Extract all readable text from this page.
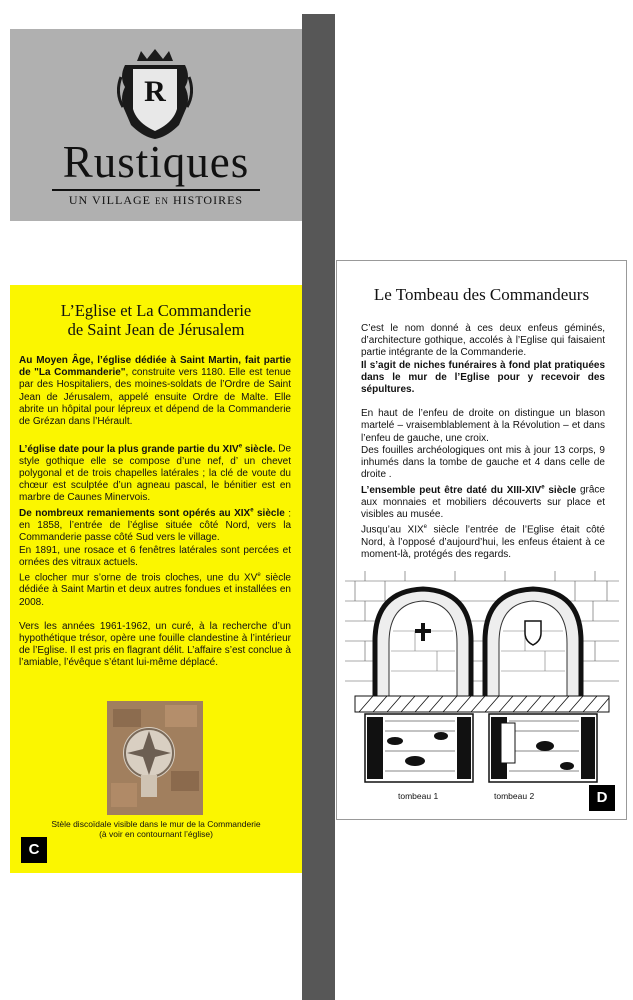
R
Rustiques
UN VILLAGE EN HISTOIRES
L’Eglise et La Commanderie
de Saint Jean de Jérusalem

Au Moyen Âge, l’église dédiée à Saint Martin, fait partie de "La Commanderie", construite vers 1180. Elle est tenue par des Hospitaliers, des moines-soldats de l’Ordre de Saint Jean de Jérusalem, appelé ensuite Ordre de Malte. Elle abrite un hôpital pour lépreux et dépend de la Commanderie de Grézan dans l’Hérault.

L’église date pour la plus grande partie du XIVe siècle. De style gothique elle se compose d’une nef, d’ un chevet polygonal et de trois chapelles latérales ; la clé de voute du chœur est sculptée d’un agneau pascal, le bénitier est en marbre de Caunes Minervois.

De nombreux remaniements sont opérés au XIXe siècle : en 1858, l’entrée de l’église située côté Nord, vers la Commanderie passe côté Sud vers le village.

En 1891, une rosace et 6 fenêtres latérales sont percées et ornées des vitraux actuels.

Le clocher mur s’orne de trois cloches, une du XVe siècle dédiée à Saint Martin et deux autres fondues et installées en 2008.

Vers les années 1961-1962, un curé, à la recherche d’un hypothétique trésor, opère une fouille clandestine à l’intérieur de l’Eglise. Il est pris en flagrant délit. L’affaire s’est conclue à l’amiable, l’évêque s’étant lui-même déplacé.

Stèle discoïdale visible dans le mur de la Commanderie
(à voir en contournant l’église)
C
Le Tombeau des Commandeurs

C’est le nom donné à ces deux enfeus géminés, d’architecture gothique, accolés à l’Eglise qui faisaient partie intégrante de la Commanderie.

Il s’agit de niches funéraires à fond plat pratiquées dans le mur de l’Eglise pour y recevoir des sépultures.

En haut de l’enfeu de droite on distingue un blason martelé – vraisemblablement à la Révolution – et dans l’enfeu de gauche, une croix.

Des fouilles archéologiques ont mis à jour 13 corps, 9 inhumés dans la tombe de gauche et 4 dans celle de droite .

L’ensemble peut être daté du XIII-XIVe siècle grâce aux monnaies et mobiliers découverts sur place et visibles au musée.

Jusqu’au XIXe siècle l’entrée de l’Eglise était côté Nord, à l’opposé d’aujourd’hui, les enfeus étaient à ce moment-là, protégés des regards.

tombeau 1	tombeau 2	D
